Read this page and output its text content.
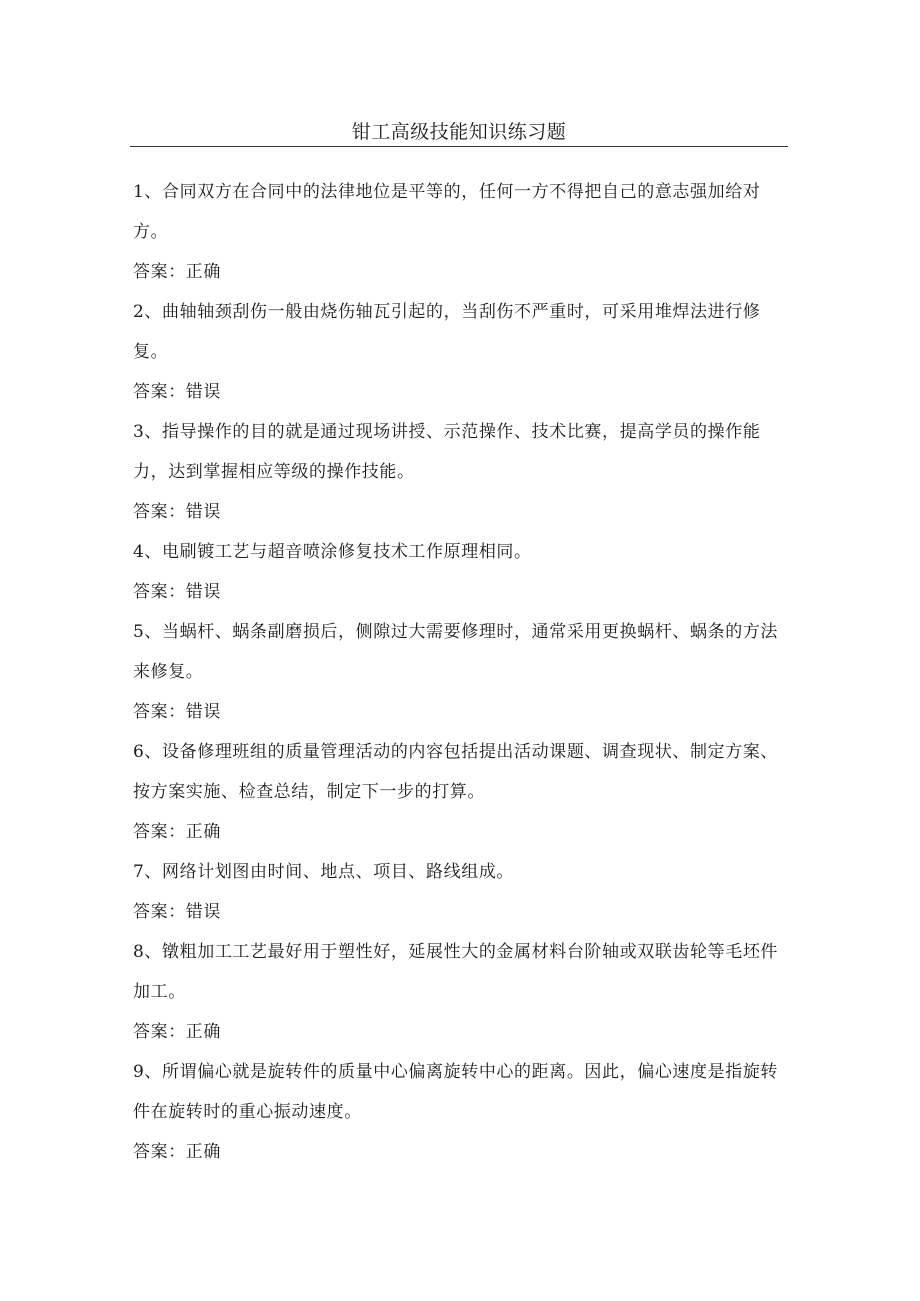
钳工高级技能知识练习题

1、合同双方在合同中的法律地位是平等的，任何一方不得把自己的意志强加给对方。

答案：正确

2、曲轴轴颈刮伤一般由烧伤轴瓦引起的，当刮伤不严重时，可采用堆焊法进行修复。

答案：错误

3、指导操作的目的就是通过现场讲授、示范操作、技术比赛，提高学员的操作能力，达到掌握相应等级的操作技能。

答案：错误

4、电刷镀工艺与超音喷涂修复技术工作原理相同。

答案：错误

5、当蜗杆、蜗条副磨损后，侧隙过大需要修理时，通常采用更换蜗杆、蜗条的方法来修复。

答案：错误

6、设备修理班组的质量管理活动的内容包括提出活动课题、调查现状、制定方案、按方案实施、检查总结，制定下一步的打算。

答案：正确

7、网络计划图由时间、地点、项目、路线组成。

答案：错误

8、镦粗加工工艺最好用于塑性好，延展性大的金属材料台阶轴或双联齿轮等毛坯件加工。

答案：正确

9、所谓偏心就是旋转件的质量中心偏离旋转中心的距离。因此，偏心速度是指旋转件在旋转时的重心振动速度。

答案：正确
